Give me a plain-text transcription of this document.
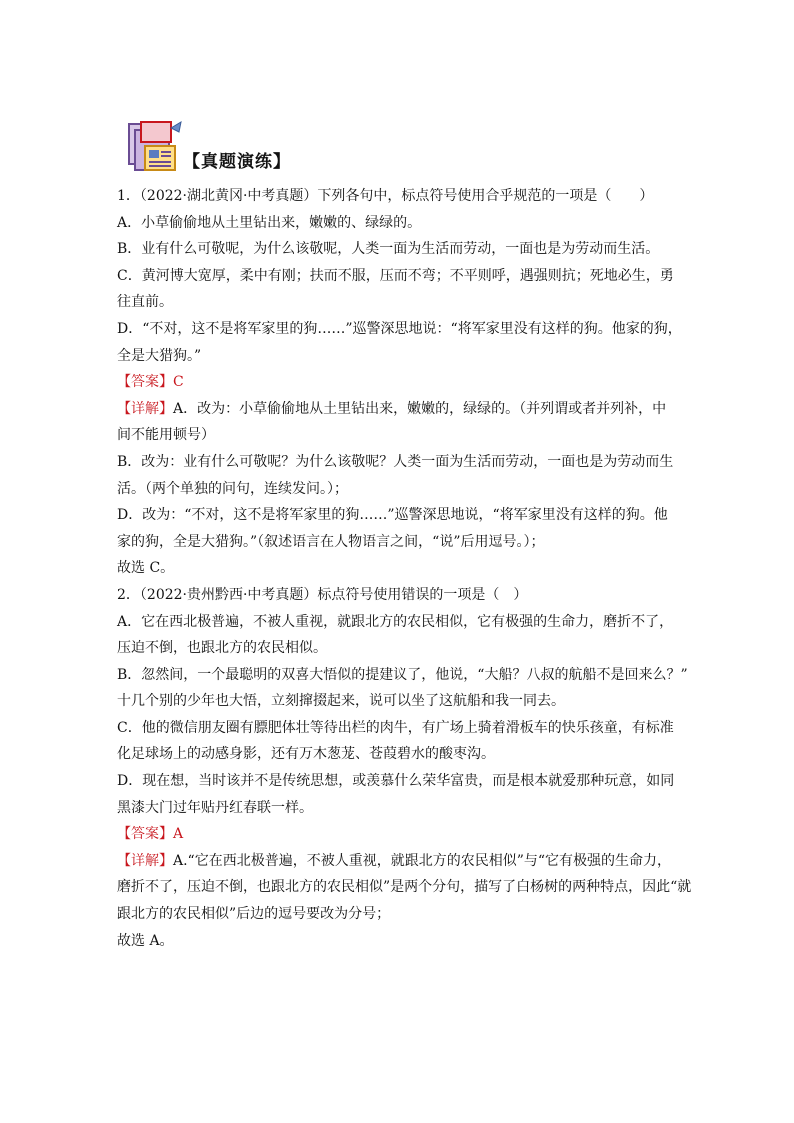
【真题演练】
1．（2022·湖北黄冈·中考真题）下列各句中，标点符号使用合乎规范的一项是（　　）
A．小草偷偷地从土里钻出来，嫩嫩的、绿绿的。
B．业有什么可敬呢，为什么该敬呢，人类一面为生活而劳动，一面也是为劳动而生活。
C．黄河博大宽厚，柔中有刚；扶而不服，压而不弯；不平则呼，遇强则抗；死地必生，勇
往直前。
D．“不对，这不是将军家里的狗……”巡警深思地说：“将军家里没有这样的狗。他家的狗，
全是大猎狗。”
【答案】C
【详解】A．改为：小草偷偷地从土里钻出来，嫩嫩的，绿绿的。（并列谓或者并列补，中
间不能用顿号）
B．改为：业有什么可敬呢？为什么该敬呢？人类一面为生活而劳动，一面也是为劳动而生
活。（两个单独的问句，连续发问。）；
D．改为：“不对，这不是将军家里的狗……”巡警深思地说，“将军家里没有这样的狗。他
家的狗，全是大猎狗。”（叙述语言在人物语言之间，“说”后用逗号。）；
故选 C。
2．（2022·贵州黔西·中考真题）标点符号使用错误的一项是（　）
A．它在西北极普遍，不被人重视，就跟北方的农民相似，它有极强的生命力，磨折不了，
压迫不倒，也跟北方的农民相似。
B．忽然间，一个最聪明的双喜大悟似的提建议了，他说，“大船？八叔的航船不是回来么？”
十几个别的少年也大悟，立刻撺掇起来，说可以坐了这航船和我一同去。
C．他的微信朋友圈有膘肥体壮等待出栏的肉牛，有广场上骑着滑板车的快乐孩童，有标准
化足球场上的动感身影，还有万木葱茏、苍葭碧水的酸枣沟。
D．现在想，当时该并不是传统思想，或羡慕什么荣华富贵，而是根本就爱那种玩意，如同
黑漆大门过年贴丹红春联一样。
【答案】A
【详解】A.“它在西北极普遍，不被人重视，就跟北方的农民相似”与“它有极强的生命力，
磨折不了，压迫不倒，也跟北方的农民相似”是两个分句，描写了白杨树的两种特点，因此“就
跟北方的农民相似”后边的逗号要改为分号；
故选 A。
